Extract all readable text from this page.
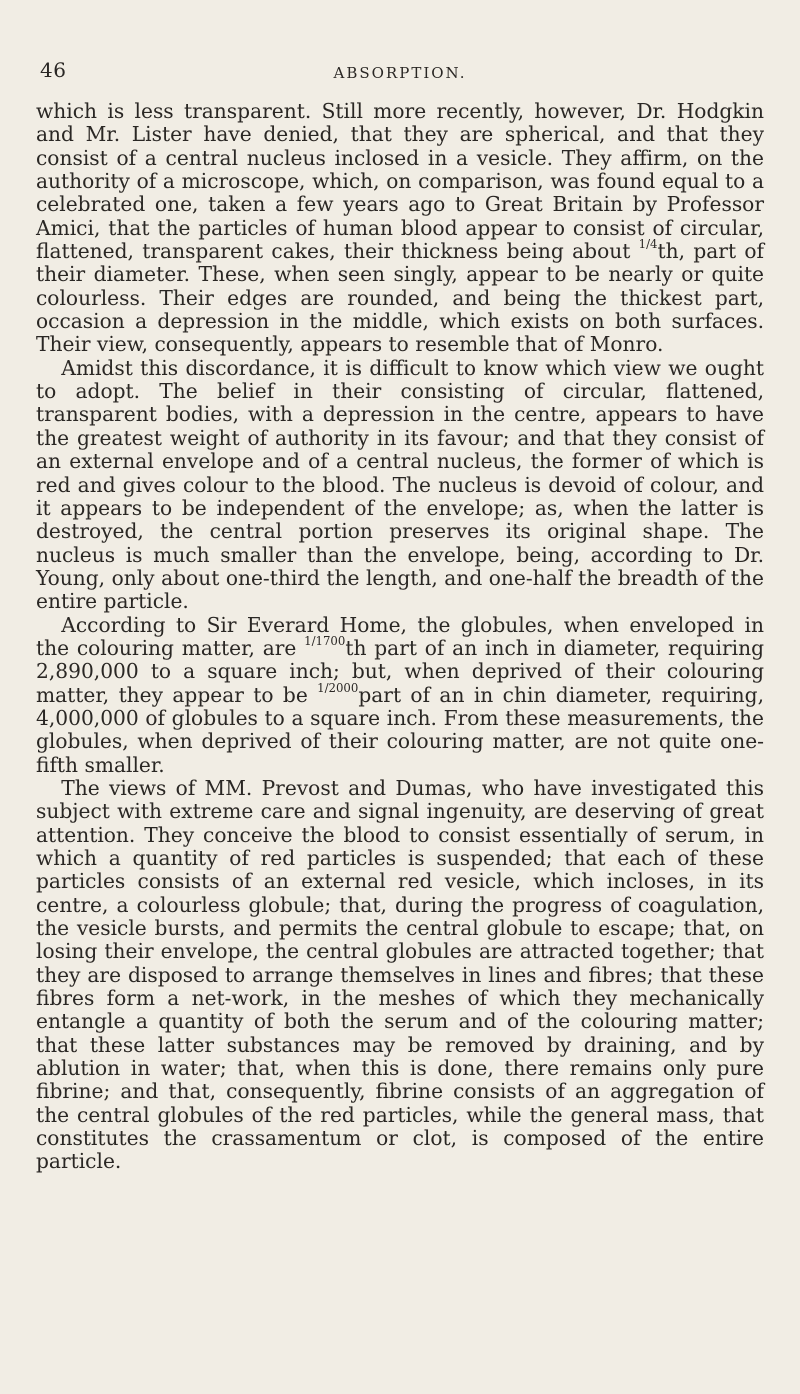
46	ABSORPTION.

which is less transparent. Still more recently, however, Dr. Hodgkin and Mr. Lister have denied, that they are spherical, and that they consist of a central nucleus inclosed in a vesicle. They affirm, on the authority of a microscope, which, on comparison, was found equal to a celebrated one, taken a few years ago to Great Britain by Professor Amici, that the particles of human blood appear to consist of circular, flattened, transparent cakes, their thickness being about $^{1/4}$th, part of their diameter. These, when seen singly, appear to be nearly or quite colourless. Their edges are rounded, and being the thickest part, occasion a depression in the middle, which exists on both surfaces. Their view, consequently, appears to resemble that of Monro.

Amidst this discordance, it is difficult to know which view we ought to adopt. The belief in their consisting of circular, flattened, transparent bodies, with a depression in the centre, appears to have the greatest weight of authority in its favour; and that they consist of an external envelope and of a central nucleus, the former of which is red and gives colour to the blood. The nucleus is devoid of colour, and it appears to be independent of the envelope; as, when the latter is destroyed, the central portion preserves its original shape. The nucleus is much smaller than the envelope, being, according to Dr. Young, only about one-third the length, and one-half the breadth of the entire particle.

According to Sir Everard Home, the globules, when enveloped in the colouring matter, are $^{1/1700}$th part of an inch in diameter, requiring 2,890,000 to a square inch; but, when deprived of their colouring matter, they appear to be $^{1/2000}$part of an in chin diameter, requiring, 4,000,000 of globules to a square inch. From these measurements, the globules, when deprived of their colouring matter, are not quite one-fifth smaller.

The views of MM. Prevost and Dumas, who have investigated this subject with extreme care and signal ingenuity, are deserving of great attention. They conceive the blood to consist essentially of serum, in which a quantity of red particles is suspended; that each of these particles consists of an external red vesicle, which incloses, in its centre, a colourless globule; that, during the progress of coagulation, the vesicle bursts, and permits the central globule to escape; that, on losing their envelope, the central globules are attracted together; that they are disposed to arrange themselves in lines and fibres; that these fibres form a net-work, in the meshes of which they mechanically entangle a quantity of both the serum and of the colouring matter; that these latter substances may be removed by draining, and by ablution in water; that, when this is done, there remains only pure fibrine; and that, consequently, fibrine consists of an aggregation of the central globules of the red particles, while the general mass, that constitutes the crassamentum or clot, is composed of the entire particle.
